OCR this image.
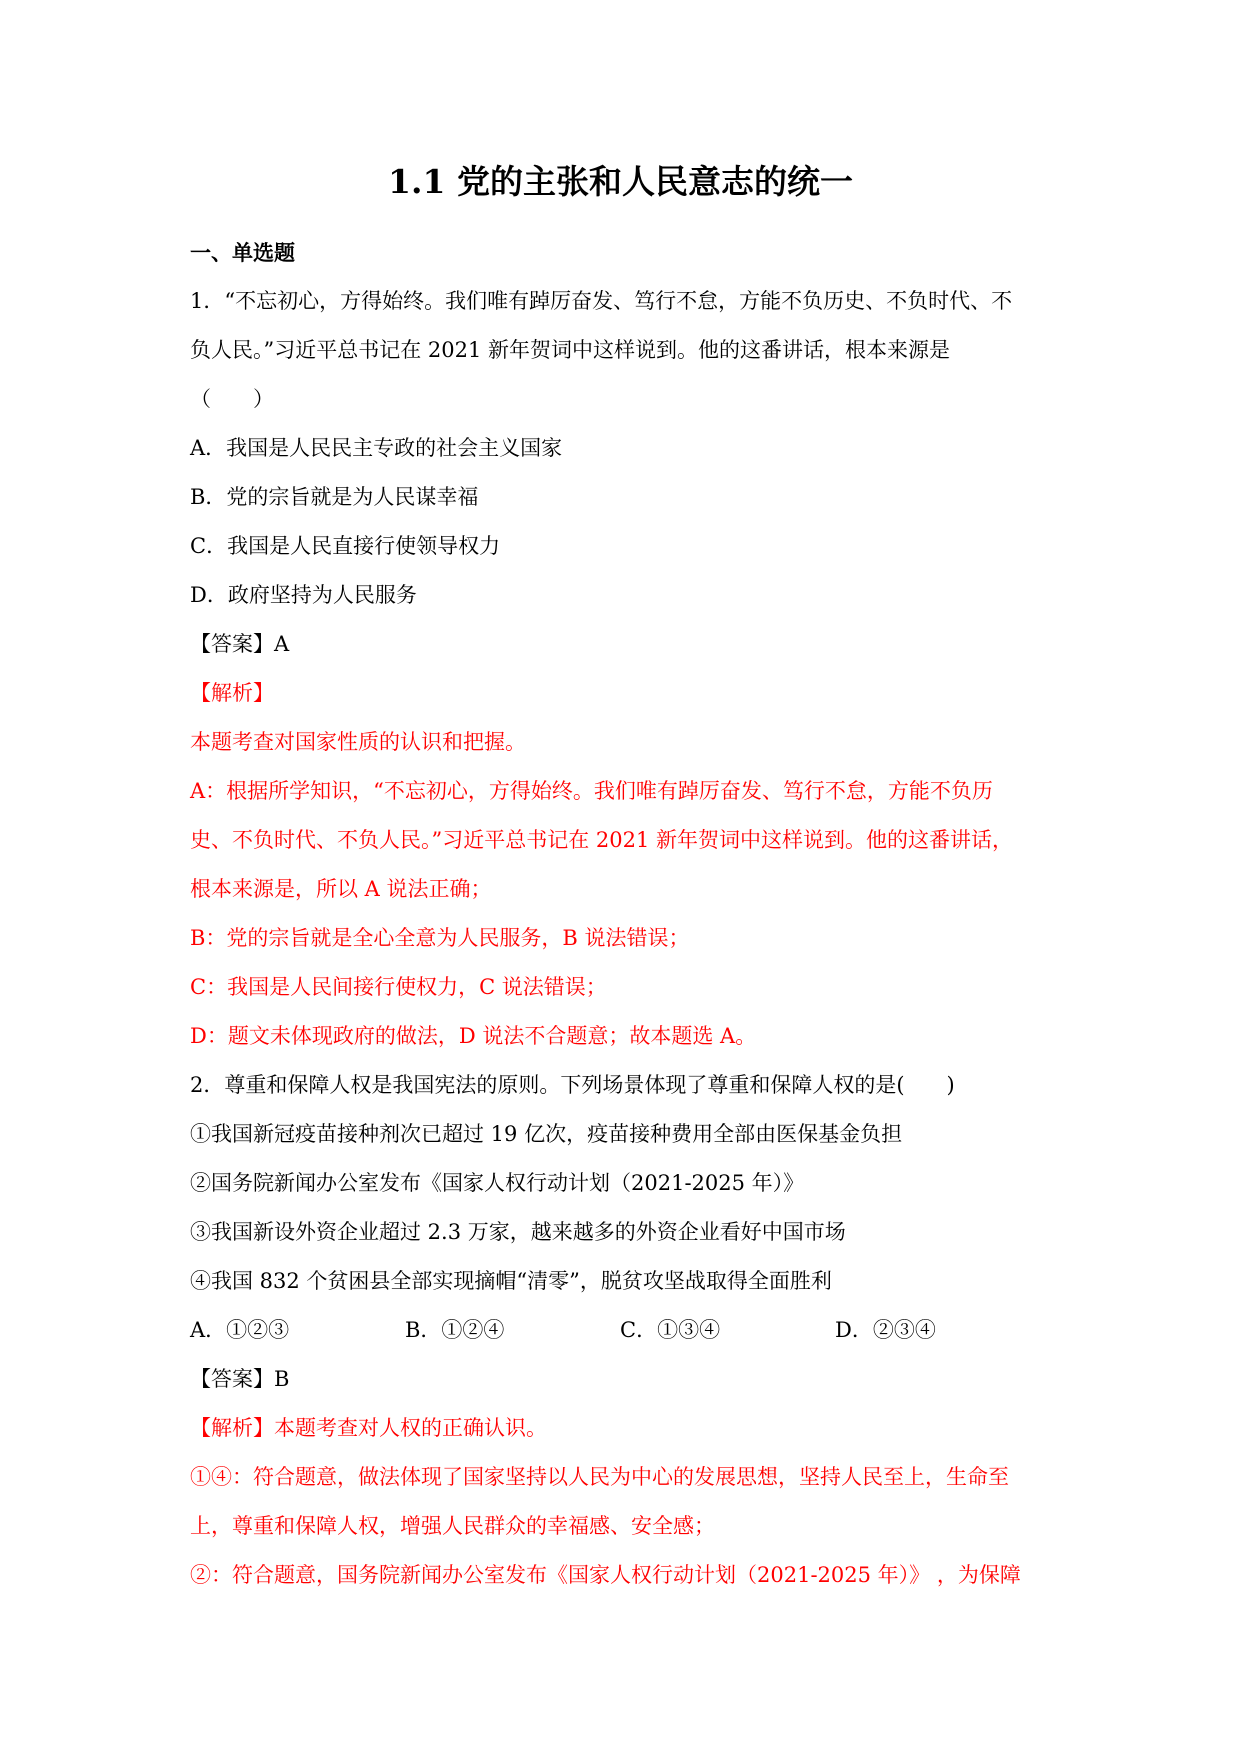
1.1 党的主张和人民意志的统一
一、单选题
1．“不忘初心，方得始终。我们唯有踔厉奋发、笃行不怠，方能不负历史、不负时代、不
负人民。”习近平总书记在 2021 新年贺词中这样说到。他的这番讲话，根本来源是
（　　）
A．我国是人民民主专政的社会主义国家
B．党的宗旨就是为人民谋幸福
C．我国是人民直接行使领导权力
D．政府坚持为人民服务
【答案】A
【解析】
本题考查对国家性质的认识和把握。
A：根据所学知识，“不忘初心，方得始终。我们唯有踔厉奋发、笃行不怠，方能不负历
史、不负时代、不负人民。”习近平总书记在 2021 新年贺词中这样说到。他的这番讲话，
根本来源是，所以 A 说法正确；
B：党的宗旨就是全心全意为人民服务，B 说法错误；
C：我国是人民间接行使权力，C 说法错误；
D：题文未体现政府的做法，D 说法不合题意；故本题选 A。
2．尊重和保障人权是我国宪法的原则。下列场景体现了尊重和保障人权的是(　　)
①我国新冠疫苗接种剂次已超过 19 亿次，疫苗接种费用全部由医保基金负担
②国务院新闻办公室发布《国家人权行动计划（2021-2025 年）》
③我国新设外资企业超过 2.3 万家，越来越多的外资企业看好中国市场
④我国 832 个贫困县全部实现摘帽“清零”，脱贫攻坚战取得全面胜利
A．①②③	B．①②④	C．①③④	D．②③④
【答案】B
【解析】本题考查对人权的正确认识。
①④：符合题意，做法体现了国家坚持以人民为中心的发展思想，坚持人民至上，生命至
上，尊重和保障人权，增强人民群众的幸福感、安全感；
②：符合题意，国务院新闻办公室发布《国家人权行动计划（2021-2025 年）》 ，为保障
